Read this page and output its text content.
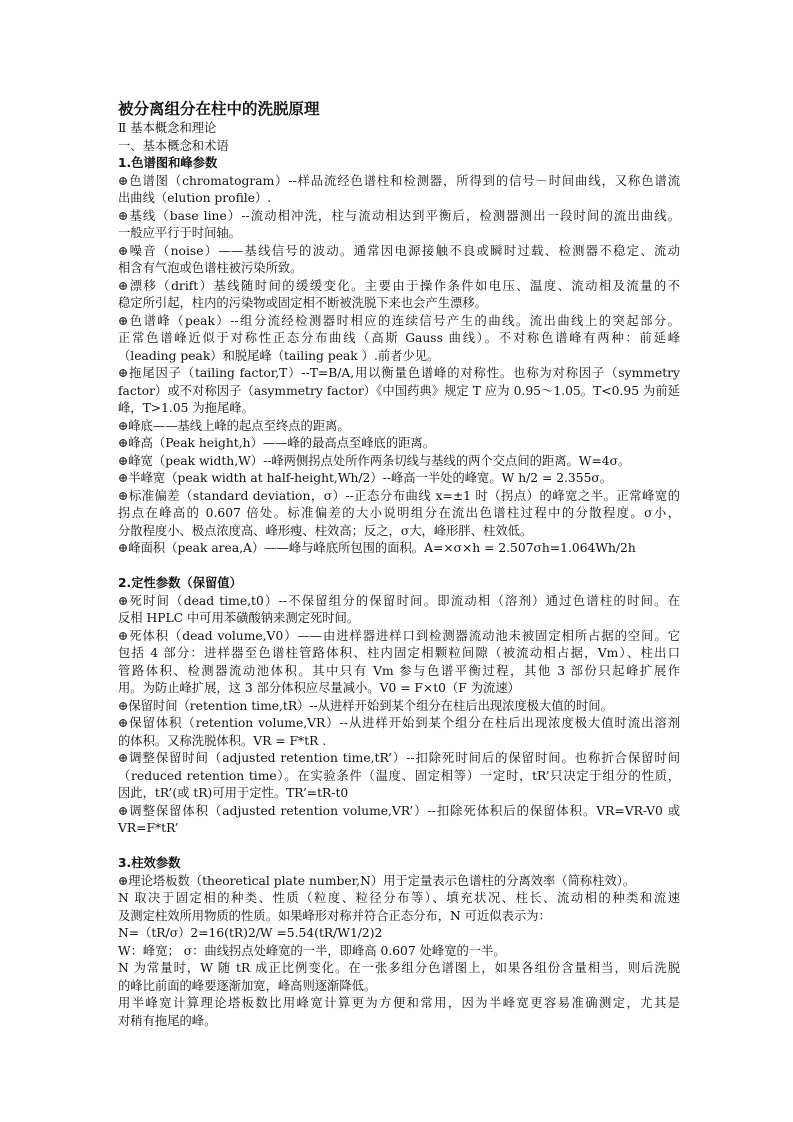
被分离组分在柱中的洗脱原理
Ⅱ 基本概念和理论
一、基本概念和术语
1.色谱图和峰参数
⊕色谱图（chromatogram）--样品流经色谱柱和检测器，所得到的信号－时间曲线，又称色谱流
出曲线（elution profile）.
⊕基线（base line）--流动相冲洗，柱与流动相达到平衡后，检测器测出一段时间的流出曲线。
一般应平行于时间轴。
⊕噪音（noise）——基线信号的波动。通常因电源接触不良或瞬时过载、检测器不稳定、流动
相含有气泡或色谱柱被污染所致。
⊕漂移（drift）基线随时间的缓缓变化。主要由于操作条件如电压、温度、流动相及流量的不
稳定所引起，柱内的污染物或固定相不断被洗脱下来也会产生漂移。
⊕色谱峰（peak）--组分流经检测器时相应的连续信号产生的曲线。流出曲线上的突起部分。
正常色谱峰近似于对称性正态分布曲线（高斯 Gauss 曲线）。不对称色谱峰有两种：前延峰
（leading peak）和脱尾峰（tailing peak ）.前者少见。
⊕拖尾因子（tailing factor,T）--T=B/A,用以衡量色谱峰的对称性。也称为对称因子（symmetry
factor）或不对称因子（asymmetry factor）《中国药典》规定 T 应为 0.95～1.05。T<0.95 为前延
峰，T>1.05 为拖尾峰。
⊕峰底——基线上峰的起点至终点的距离。
⊕峰高（Peak height,h）——峰的最高点至峰底的距离。
⊕峰宽（peak width,W）--峰两侧拐点处所作两条切线与基线的两个交点间的距离。W=4σ。
⊕半峰宽（peak width at half-height,Wh/2）--峰高一半处的峰宽。W h/2 = 2.355σ。
⊕标准偏差（standard deviation，σ）--正态分布曲线 x=±1 时（拐点）的峰宽之半。正常峰宽的
拐点在峰高的 0.607 倍处。标准偏差的大小说明组分在流出色谱柱过程中的分散程度。σ小，
分散程度小、极点浓度高、峰形瘦、柱效高；反之，σ大，峰形胖、柱效低。
⊕峰面积（peak area,A）——峰与峰底所包围的面积。A=×σ×h = 2.507σh=1.064Wh/2h
2.定性参数（保留值）
⊕死时间（dead time,t0）--不保留组分的保留时间。即流动相（溶剂）通过色谱柱的时间。在
反相 HPLC 中可用苯磺酸钠来测定死时间。
⊕死体积（dead volume,V0）——由进样器进样口到检测器流动池未被固定相所占据的空间。它
包括 4 部分：进样器至色谱柱管路体积、柱内固定相颗粒间隙（被流动相占据，Vm）、柱出口
管路体积、检测器流动池体积。其中只有 Vm 参与色谱平衡过程，其他 3 部份只起峰扩展作
用。为防止峰扩展，这 3 部分体积应尽量减小。V0 = F×t0（F 为流速）
⊕保留时间（retention time,tR）--从进样开始到某个组分在柱后出现浓度极大值的时间。
⊕保留体积（retention volume,VR）--从进样开始到某个组分在柱后出现浓度极大值时流出溶剂
的体积。又称洗脱体积。VR = F*tR .
⊕调整保留时间（adjusted retention time,tR’）--扣除死时间后的保留时间。也称折合保留时间
（reduced retention time）。在实验条件（温度、固定相等）一定时，tR’只决定于组分的性质，
因此，tR’(或 tR)可用于定性。TR’=tR-t0
⊕调整保留体积（adjusted retention volume,VR’）--扣除死体积后的保留体积。VR=VR-V0 或
VR=F*tR’
3.柱效参数
⊕理论塔板数（theoretical plate number,N）用于定量表示色谱柱的分离效率（简称柱效）。
N 取决于固定相的种类、性质（粒度、粒径分布等）、填充状况、柱长、流动相的种类和流速
及测定柱效所用物质的性质。如果峰形对称并符合正态分布，N 可近似表示为：
N=（tR/σ）2=16(tR)2/W =5.54(tR/W1/2)2
W：峰宽； σ：曲线拐点处峰宽的一半，即峰高 0.607 处峰宽的一半。
N 为常量时，W 随 tR 成正比例变化。在一张多组分色谱图上，如果各组份含量相当，则后洗脱
的峰比前面的峰要逐渐加宽，峰高则逐渐降低。
用半峰宽计算理论塔板数比用峰宽计算更为方便和常用，因为半峰宽更容易准确测定，尤其是
对稍有拖尾的峰。
